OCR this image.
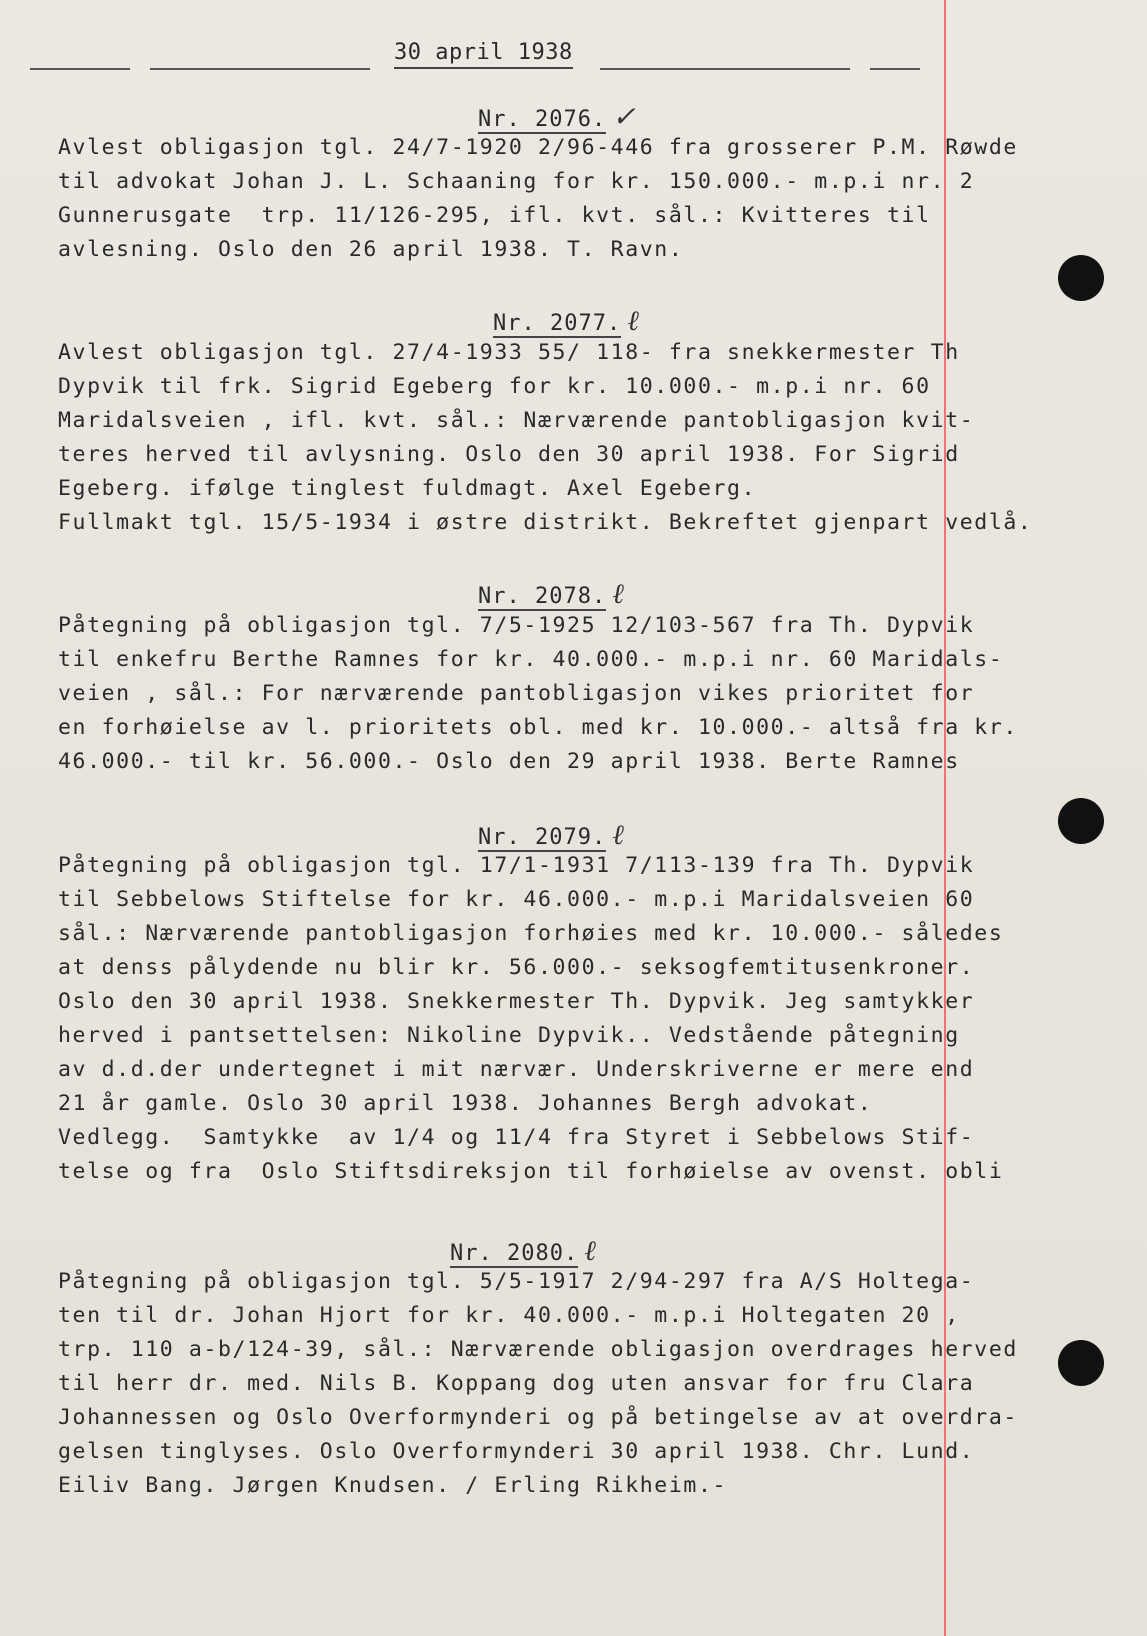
30 april 1938
Nr. 2076. ✓
Avlest obligasjon tgl. 24/7-1920 2/96-446 fra grosserer P.M. Røwde
til advokat Johan J. L. Schaaning for kr. 150.000.- m.p.i nr. 2
Gunnerusgate  trp. 11/126-295, ifl. kvt. sål.: Kvitteres til
avlesning. Oslo den 26 april 1938. T. Ravn.
Nr. 2077. ℓ
Avlest obligasjon tgl. 27/4-1933 55/ 118- fra snekkermester Th
Dypvik til frk. Sigrid Egeberg for kr. 10.000.- m.p.i nr. 60
Maridalsveien , ifl. kvt. sål.: Nærværende pantobligasjon kvit-
teres herved til avlysning. Oslo den 30 april 1938. For Sigrid
Egeberg. ifølge tinglest fuldmagt. Axel Egeberg.
Fullmakt tgl. 15/5-1934 i østre distrikt. Bekreftet gjenpart vedlå.
Nr. 2078. ℓ
Påtegning på obligasjon tgl. 7/5-1925 12/103-567 fra Th. Dypvik
til enkefru Berthe Ramnes for kr. 40.000.- m.p.i nr. 60 Maridals-
veien , sål.: For nærværende pantobligasjon vikes prioritet for
en forhøielse av l. prioritets obl. med kr. 10.000.- altså fra kr.
46.000.- til kr. 56.000.- Oslo den 29 april 1938. Berte Ramnes
Nr. 2079. ℓ
Påtegning på obligasjon tgl. 17/1-1931 7/113-139 fra Th. Dypvik
til Sebbelows Stiftelse for kr. 46.000.- m.p.i Maridalsveien 60
sål.: Nærværende pantobligasjon forhøies med kr. 10.000.- således
at denss pålydende nu blir kr. 56.000.- seksogfemtitusenkroner.
Oslo den 30 april 1938. Snekkermester Th. Dypvik. Jeg samtykker
herved i pantsettelsen: Nikoline Dypvik.. Vedstående påtegning
av d.d.der undertegnet i mit nærvær. Underskriverne er mere end
21 år gamle. Oslo 30 april 1938. Johannes Bergh advokat.
Vedlegg.  Samtykke  av 1/4 og 11/4 fra Styret i Sebbelows Stif-
telse og fra  Oslo Stiftsdireksjon til forhøielse av ovenst. obli
Nr. 2080. ℓ
Påtegning på obligasjon tgl. 5/5-1917 2/94-297 fra A/S Holtega-
ten til dr. Johan Hjort for kr. 40.000.- m.p.i Holtegaten 20 ,
trp. 110 a-b/124-39, sål.: Nærværende obligasjon overdrages herved
til herr dr. med. Nils B. Koppang dog uten ansvar for fru Clara
Johannessen og Oslo Overformynderi og på betingelse av at overdra-
gelsen tinglyses. Oslo Overformynderi 30 april 1938. Chr. Lund.
Eiliv Bang. Jørgen Knudsen. / Erling Rikheim.-
